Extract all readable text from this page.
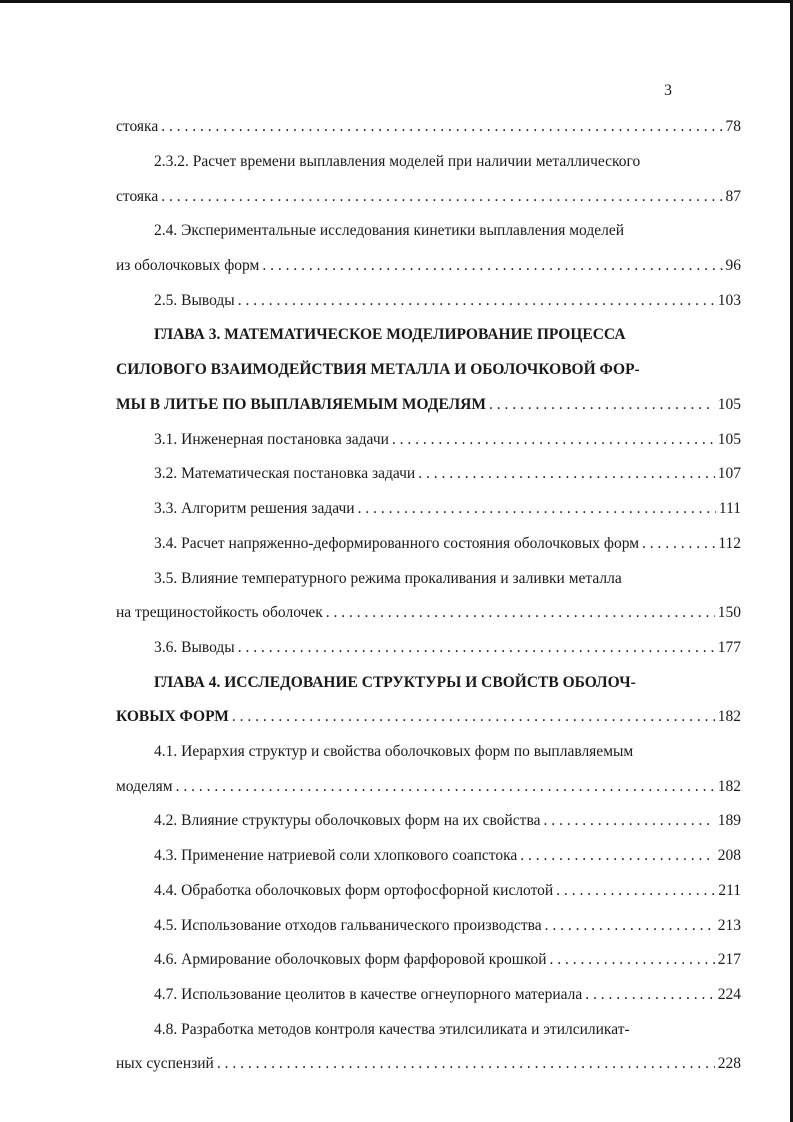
3
стояка . . .	78
2.3.2. Расчет времени выплавления моделей при наличии металлического
стояка . . .	87
2.4. Экспериментальные исследования кинетики выплавления моделей
из оболочковых форм . . .	96
2.5. Выводы . . .	103
ГЛАВА 3. МАТЕМАТИЧЕСКОЕ МОДЕЛИРОВАНИЕ ПРОЦЕССА
СИЛОВОГО ВЗАИМОДЕЙСТВИЯ МЕТАЛЛА И ОБОЛОЧКОВОЙ ФОР-
МЫ В ЛИТЬЕ ПО ВЫПЛАВЛЯЕМЫМ МОДЕЛЯМ . . .	105
3.1. Инженерная постановка задачи . . .	105
3.2. Математическая постановка задачи . . .	107
3.3. Алгоритм решения задачи . . .	111
3.4. Расчет напряженно-деформированного состояния оболочковых форм . . .	112
3.5. Влияние температурного режима прокаливания и заливки металла
на трещиностойкость оболочек . . .	150
3.6. Выводы . . .	177
ГЛАВА 4. ИССЛЕДОВАНИЕ СТРУКТУРЫ И СВОЙСТВ ОБОЛОЧ-
КОВЫХ ФОРМ . . .	182
4.1. Иерархия структур и свойства оболочковых форм по выплавляемым
моделям . . .	182
4.2. Влияние структуры оболочковых форм на их свойства . . .	189
4.3. Применение натриевой соли хлопкового соапстока . . .	208
4.4. Обработка оболочковых форм ортофосфорной кислотой . . .	211
4.5. Использование отходов гальванического производства . . .	213
4.6. Армирование оболочковых форм фарфоровой крошкой . . .	217
4.7. Использование цеолитов в качестве огнеупорного материала . . .	224
4.8. Разработка методов контроля качества этилсиликата и этилсиликат-
ных суспензий . . .	228
